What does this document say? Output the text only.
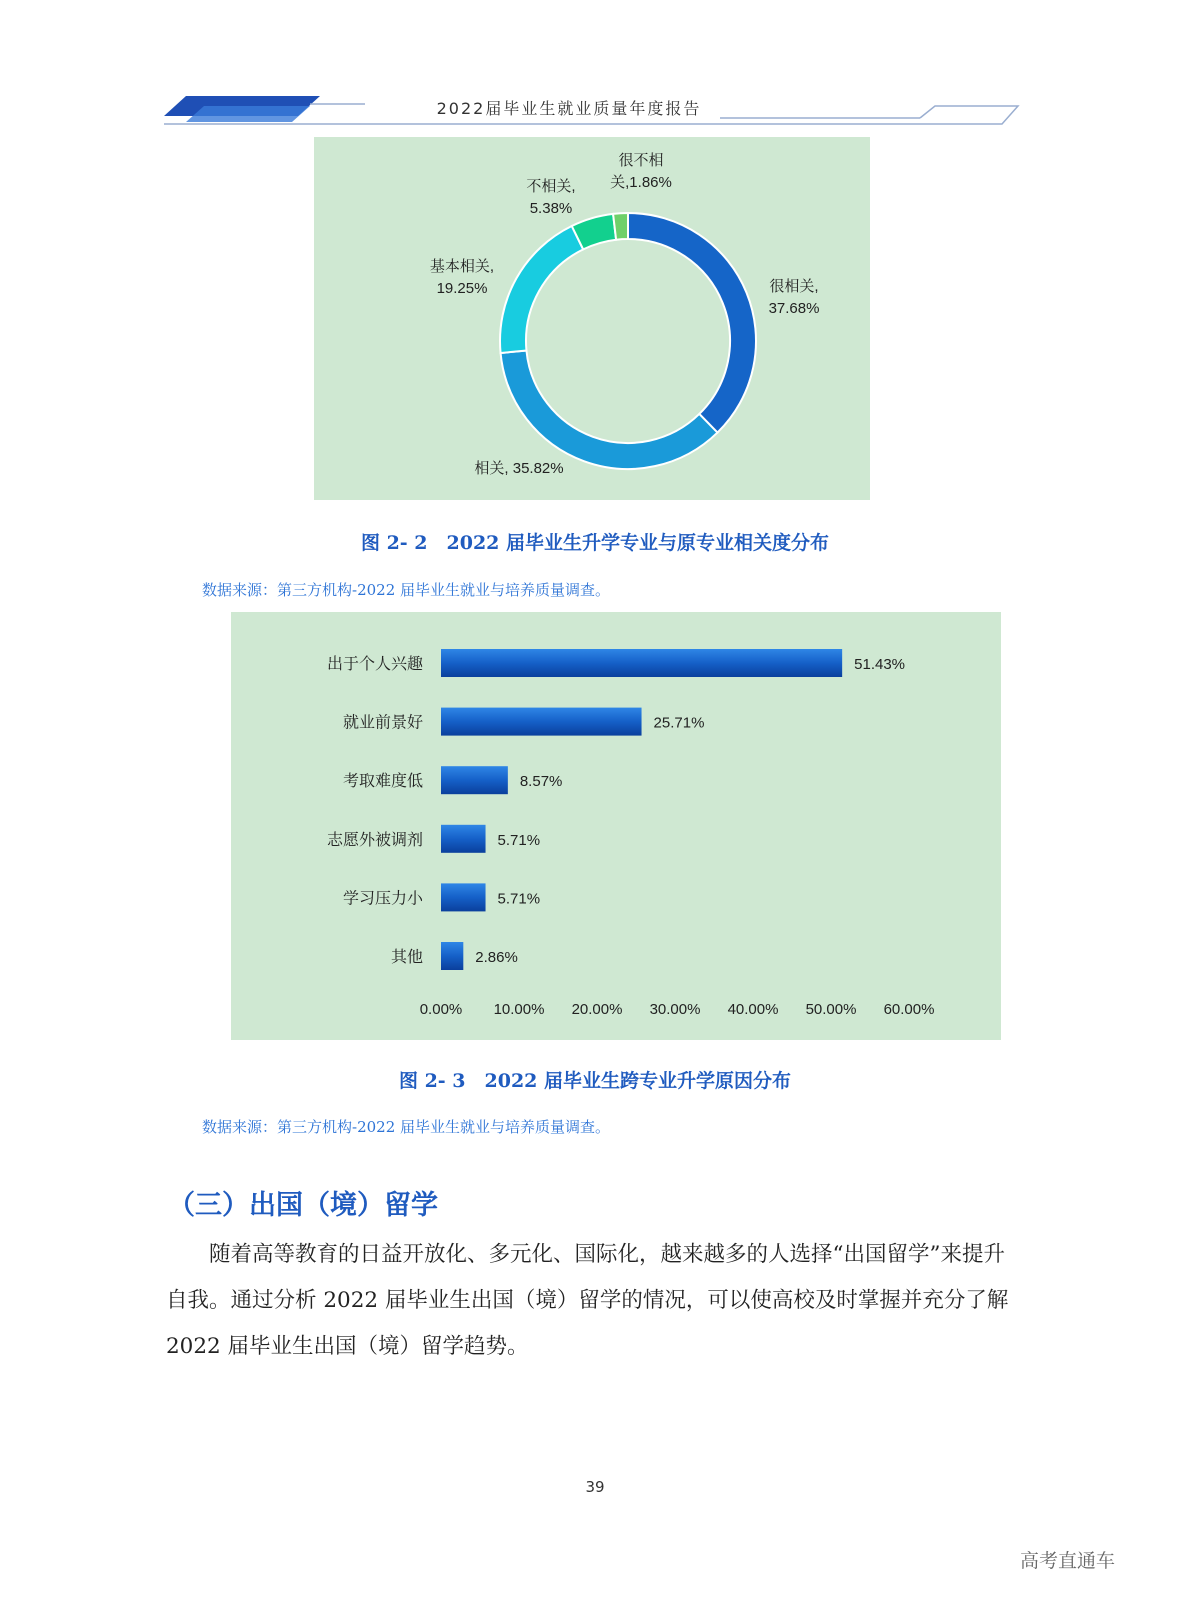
2022届毕业生就业质量年度报告
很相关, 37.68%
相关, 35.82%
基本相关, 19.25%
不相关, 5.38%
很不相关,1.86%
图 2- 2　2022 届毕业生升学专业与原专业相关度分布
数据来源：第三方机构-2022 届毕业生就业与培养质量调查。
出于个人兴趣	51.43%
就业前景好	25.71%
考取难度低	8.57%
志愿外被调剂	5.71%
学习压力小	5.71%
其他	2.86%
0.00% 10.00% 20.00% 30.00% 40.00% 50.00% 60.00%
图 2- 3　2022 届毕业生跨专业升学原因分布
数据来源：第三方机构-2022 届毕业生就业与培养质量调查。
（三）出国（境）留学

随着高等教育的日益开放化、多元化、国际化，越来越多的人选择“出国留学”来提升自我。通过分析 2022 届毕业生出国（境）留学的情况，可以使高校及时掌握并充分了解 2022 届毕业生出国（境）留学趋势。

39
高考直通车
